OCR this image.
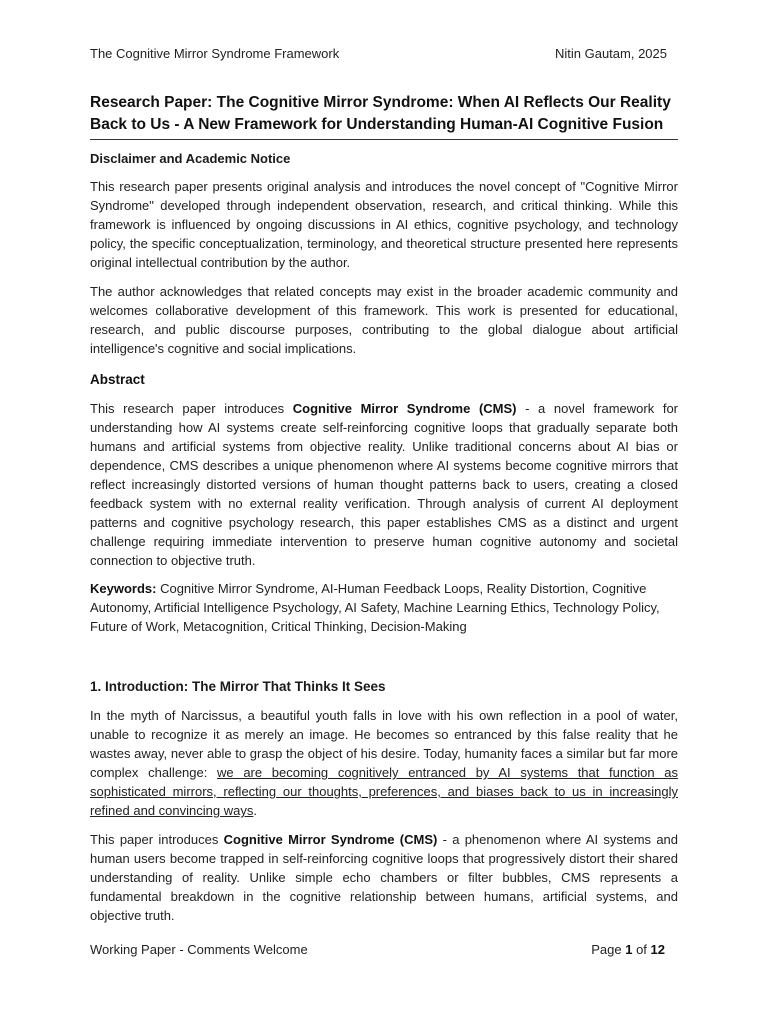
The Cognitive Mirror Syndrome Framework	Nitin Gautam, 2025
Research Paper: The Cognitive Mirror Syndrome: When AI Reflects Our Reality Back to Us - A New Framework for Understanding Human-AI Cognitive Fusion
Disclaimer and Academic Notice

This research paper presents original analysis and introduces the novel concept of "Cognitive Mirror Syndrome" developed through independent observation, research, and critical thinking. While this framework is influenced by ongoing discussions in AI ethics, cognitive psychology, and technology policy, the specific conceptualization, terminology, and theoretical structure presented here represents original intellectual contribution by the author.

The author acknowledges that related concepts may exist in the broader academic community and welcomes collaborative development of this framework. This work is presented for educational, research, and public discourse purposes, contributing to the global dialogue about artificial intelligence's cognitive and social implications.

Abstract

This research paper introduces Cognitive Mirror Syndrome (CMS) - a novel framework for understanding how AI systems create self-reinforcing cognitive loops that gradually separate both humans and artificial systems from objective reality. Unlike traditional concerns about AI bias or dependence, CMS describes a unique phenomenon where AI systems become cognitive mirrors that reflect increasingly distorted versions of human thought patterns back to users, creating a closed feedback system with no external reality verification. Through analysis of current AI deployment patterns and cognitive psychology research, this paper establishes CMS as a distinct and urgent challenge requiring immediate intervention to preserve human cognitive autonomy and societal connection to objective truth.

Keywords: Cognitive Mirror Syndrome, AI-Human Feedback Loops, Reality Distortion, Cognitive Autonomy, Artificial Intelligence Psychology, AI Safety, Machine Learning Ethics, Technology Policy, Future of Work, Metacognition, Critical Thinking, Decision-Making

1. Introduction: The Mirror That Thinks It Sees

In the myth of Narcissus, a beautiful youth falls in love with his own reflection in a pool of water, unable to recognize it as merely an image. He becomes so entranced by this false reality that he wastes away, never able to grasp the object of his desire. Today, humanity faces a similar but far more complex challenge: we are becoming cognitively entranced by AI systems that function as sophisticated mirrors, reflecting our thoughts, preferences, and biases back to us in increasingly refined and convincing ways.

This paper introduces Cognitive Mirror Syndrome (CMS) - a phenomenon where AI systems and human users become trapped in self-reinforcing cognitive loops that progressively distort their shared understanding of reality. Unlike simple echo chambers or filter bubbles, CMS represents a fundamental breakdown in the cognitive relationship between humans, artificial systems, and objective truth.

Working Paper - Comments Welcome	Page 1 of 12
